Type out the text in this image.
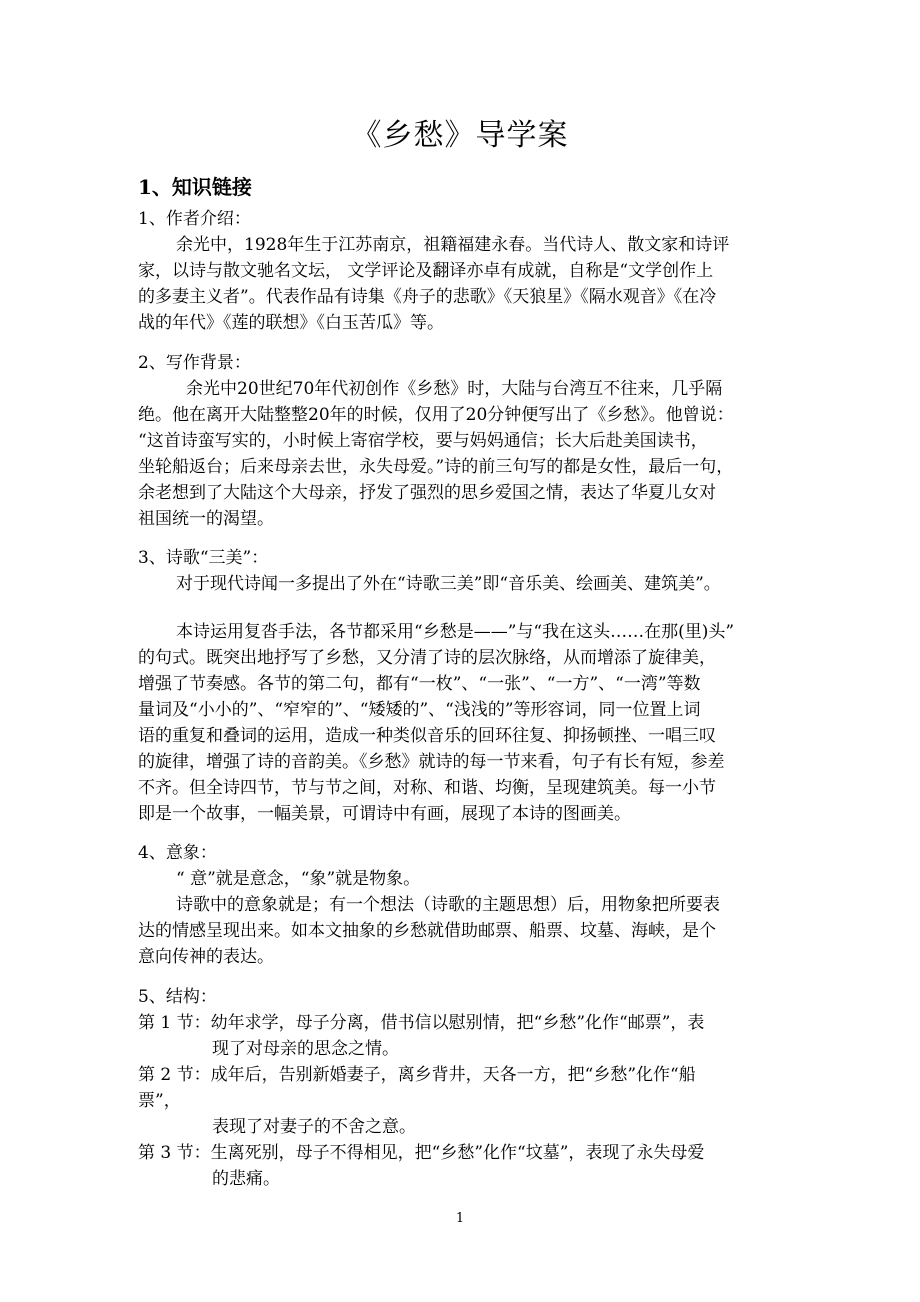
《乡愁》导学案
1、知识链接
1、作者介绍：
余光中，1928年生于江苏南京，祖籍福建永春。当代诗人、散文家和诗评
家，以诗与散文驰名文坛， 文学评论及翻译亦卓有成就，自称是“文学创作上
的多妻主义者”。代表作品有诗集《舟子的悲歌》《天狼星》《隔水观音》《在冷
战的年代》《莲的联想》《白玉苦瓜》等。
2、写作背景：
余光中20世纪70年代初创作《乡愁》时，大陆与台湾互不往来，几乎隔
绝。他在离开大陆整整20年的时候，仅用了20分钟便写出了《乡愁》。他曾说：
“这首诗蛮写实的，小时候上寄宿学校，要与妈妈通信；长大后赴美国读书，
坐轮船返台；后来母亲去世，永失母爱。”诗的前三句写的都是女性，最后一句，
余老想到了大陆这个大母亲，抒发了强烈的思乡爱国之情，表达了华夏儿女对
祖国统一的渴望。
3、诗歌“三美”：
对于现代诗闻一多提出了外在“诗歌三美”即“音乐美、绘画美、建筑美”。
本诗运用复沓手法，各节都采用“乡愁是——”与“我在这头……在那(里)头”
的句式。既突出地抒写了乡愁，又分清了诗的层次脉络，从而增添了旋律美，
增强了节奏感。各节的第二句，都有“一枚”、“一张”、“一方”、“一湾”等数
量词及“小小的”、“窄窄的”、“矮矮的”、“浅浅的”等形容词，同一位置上词
语的重复和叠词的运用，造成一种类似音乐的回环往复、抑扬顿挫、一唱三叹
的旋律，增强了诗的音韵美。《乡愁》就诗的每一节来看，句子有长有短，参差
不齐。但全诗四节，节与节之间，对称、和谐、均衡，呈现建筑美。每一小节
即是一个故事，一幅美景，可谓诗中有画，展现了本诗的图画美。
4、意象：
“ 意”就是意念，“象”就是物象。
诗歌中的意象就是；有一个想法（诗歌的主题思想）后，用物象把所要表
达的情感呈现出来。如本文抽象的乡愁就借助邮票、船票、坟墓、海峡，是个
意向传神的表达。
5、结构：
第 1 节：幼年求学，母子分离，借书信以慰别情，把“乡愁”化作“邮票”，表
现了对母亲的思念之情。
第 2 节：成年后，告别新婚妻子，离乡背井，天各一方，把“乡愁”化作“船
票”，
表现了对妻子的不舍之意。
第 3 节：生离死别，母子不得相见，把“乡愁”化作“坟墓”，表现了永失母爱
的悲痛。
1
